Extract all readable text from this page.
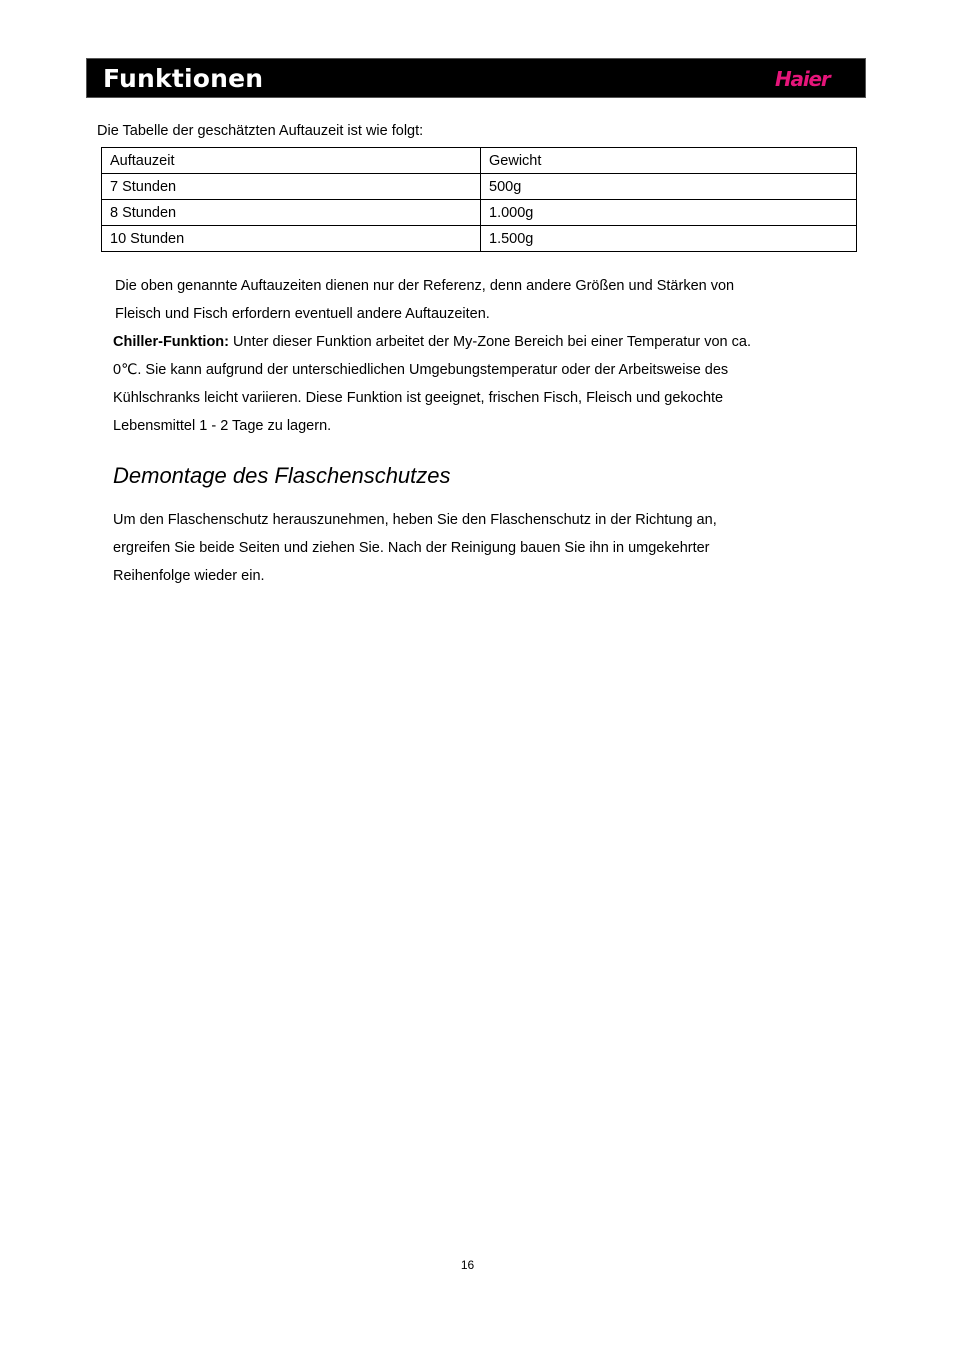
Funktionen	Haier
Die Tabelle der geschätzten Auftauzeit ist wie folgt:
Auftauzeit	Gewicht
7 Stunden	500g
8 Stunden	1.000g
10 Stunden	1.500g
Die oben genannte Auftauzeiten dienen nur der Referenz, denn andere Größen und Stärken von
Fleisch und Fisch erfordern eventuell andere Auftauzeiten.
Chiller-Funktion: Unter dieser Funktion arbeitet der My-Zone Bereich bei einer Temperatur von ca.
0℃. Sie kann aufgrund der unterschiedlichen Umgebungstemperatur oder der Arbeitsweise des
Kühlschranks leicht variieren. Diese Funktion ist geeignet, frischen Fisch, Fleisch und gekochte
Lebensmittel 1 - 2 Tage zu lagern.
Demontage des Flaschenschutzes
Um den Flaschenschutz herauszunehmen, heben Sie den Flaschenschutz in der Richtung an,
ergreifen Sie beide Seiten und ziehen Sie. Nach der Reinigung bauen Sie ihn in umgekehrter
Reihenfolge wieder ein.
16
